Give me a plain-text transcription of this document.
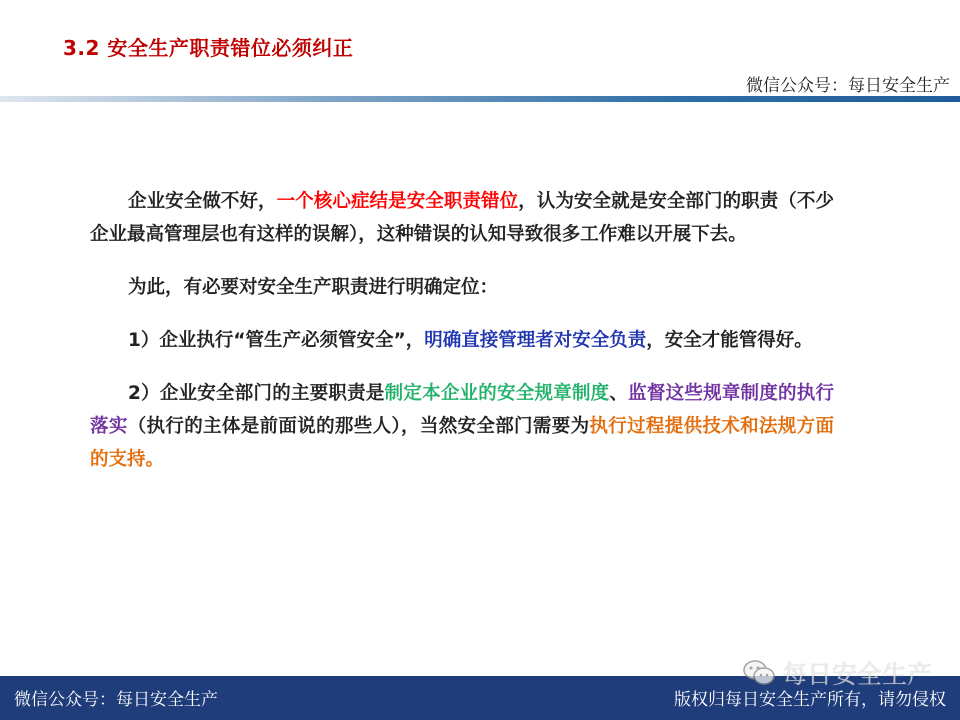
3.2 安全生产职责错位必须纠正
微信公众号：每日安全生产

企业安全做不好，一个核心症结是安全职责错位，认为安全就是安全部门的职责（不少企业最高管理层也有这样的误解），这种错误的认知导致很多工作难以开展下去。

为此，有必要对安全生产职责进行明确定位：

1）企业执行“管生产必须管安全”，明确直接管理者对安全负责，安全才能管得好。

2）企业安全部门的主要职责是制定本企业的安全规章制度、监督这些规章制度的执行落实（执行的主体是前面说的那些人），当然安全部门需要为执行过程提供技术和法规方面的支持。

微信公众号：每日安全生产	版权归每日安全生产所有，请勿侵权
每日安全生产
